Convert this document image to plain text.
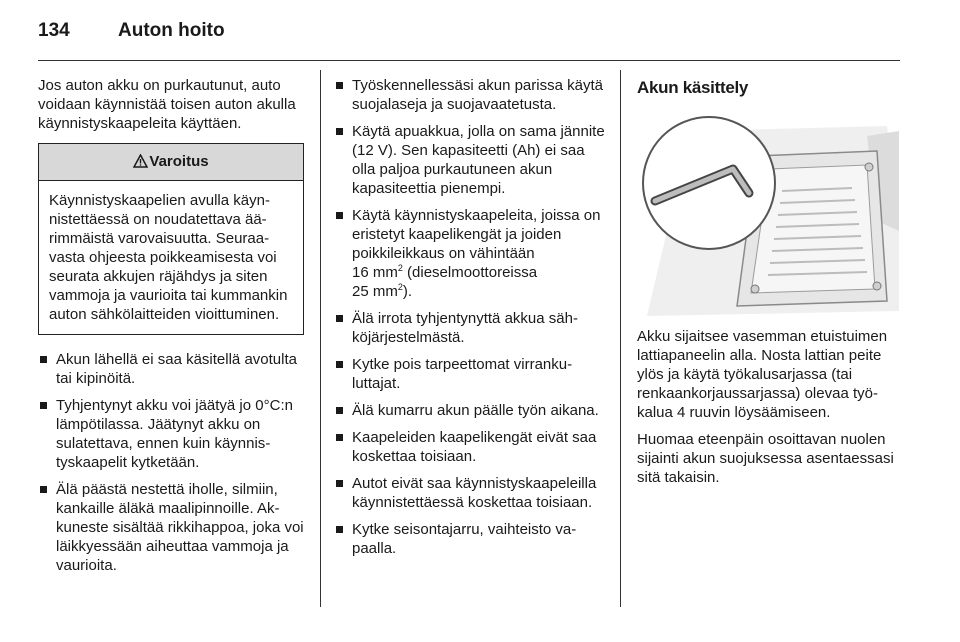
134	Auton hoito

Jos auton akku on purkautunut, auto voidaan käynnistää toisen auton akulla käynnistyskaapeleita käyttäen.

Varoitus
Käynnistyskaapelien avulla käynnistettäessä on noudatettava äärimmäistä varovaisuutta. Seuraavasta ohjeesta poikkeamisesta voi seurata akkujen räjähdys ja siten vammoja ja vaurioita tai kummankin auton sähkölaitteiden vioittuminen.
Akun lähellä ei saa käsitellä avotulta tai kipinöitä.
Tyhjentynyt akku voi jäätyä jo 0°C:n lämpötilassa. Jäätynyt akku on sulatettava, ennen kuin käynnistyskaapelit kytketään.
Älä päästä nestettä iholle, silmiin, kankaille äläkä maalipinnoille. Akkuneste sisältää rikkihappoa, joka voi läikkyessään aiheuttaa vammoja ja vaurioita.
Työskennellessäsi akun parissa käytä suojalaseja ja suojavaatetusta.
Käytä apuakkua, jolla on sama jännite (12 V). Sen kapasiteetti (Ah) ei saa olla paljoa purkautuneen akun kapasiteettia pienempi.
Käytä käynnistyskaapeleita, joissa on eristetyt kaapelikengät ja joiden poikkileikkaus on vähintään
16 $mm^2$ (dieselmoottoreissa
25 $mm^2$).
Älä irrota tyhjentynyttä akkua sähköjärjestelmästä.
Kytke pois tarpeettomat virrankuluttajat.
Älä kumarru akun päälle työn aikana.
Kaapeleiden kaapelikengät eivät saa koskettaa toisiaan.
Autot eivät saa käynnistyskaapeleilla käynnistettäessä koskettaa toisiaan.
Kytke seisontajarru, vaihteisto vapaalla.
Akun käsittely

Akku sijaitsee vasemman etuistuimen lattiapaneelin alla. Nosta lattian peite ylös ja käytä työkalusarjassa (tai renkaankorjaussarjassa) olevaa työkalua 4 ruuvin löysäämiseen.

Huomaa eteenpäin osoittavan nuolen sijainti akun suojuksessa asentaessasi sitä takaisin.
